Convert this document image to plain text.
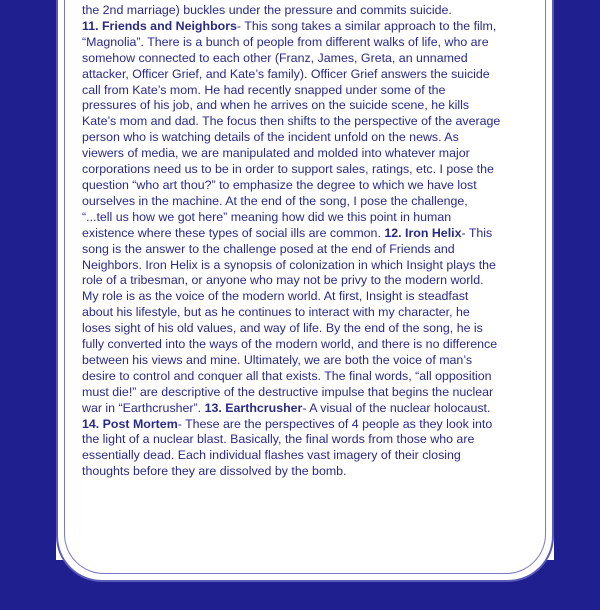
the 2nd marriage) buckles under the pressure and commits suicide.
11. Friends and Neighbors- This song takes a similar approach to the film,
“Magnolia”. There is a bunch of people from different walks of life, who are
somehow connected to each other (Franz, James, Greta, an unnamed
attacker, Officer Grief, and Kate’s family). Officer Grief answers the suicide
call from Kate’s mom. He had recently snapped under some of the
pressures of his job, and when he arrives on the suicide scene, he kills
Kate’s mom and dad. The focus then shifts to the perspective of the average
person who is watching details of the incident unfold on the news. As
viewers of media, we are manipulated and molded into whatever major
corporations need us to be in order to support sales, ratings, etc. I pose the
question “who art thou?” to emphasize the degree to which we have lost
ourselves in the machine. At the end of the song, I pose the challenge,
“...tell us how we got here” meaning how did we this point in human
existence where these types of social ills are common. 12. Iron Helix- This
song is the answer to the challenge posed at the end of Friends and
Neighbors. Iron Helix is a synopsis of colonization in which Insight plays the
role of a tribesman, or anyone who may not be privy to the modern world.
My role is as the voice of the modern world. At first, Insight is steadfast
about his lifestyle, but as he continues to interact with my character, he
loses sight of his old values, and way of life. By the end of the song, he is
fully converted into the ways of the modern world, and there is no difference
between his views and mine. Ultimately, we are both the voice of man’s
desire to control and conquer all that exists. The final words, “all opposition
must die!” are descriptive of the destructive impulse that begins the nuclear
war in “Earthcrusher”. 13. Earthcrusher- A visual of the nuclear holocaust.
14. Post Mortem- These are the perspectives of 4 people as they look into
the light of a nuclear blast. Basically, the final words from those who are
essentially dead. Each individual flashes vast imagery of their closing
thoughts before they are dissolved by the bomb.
